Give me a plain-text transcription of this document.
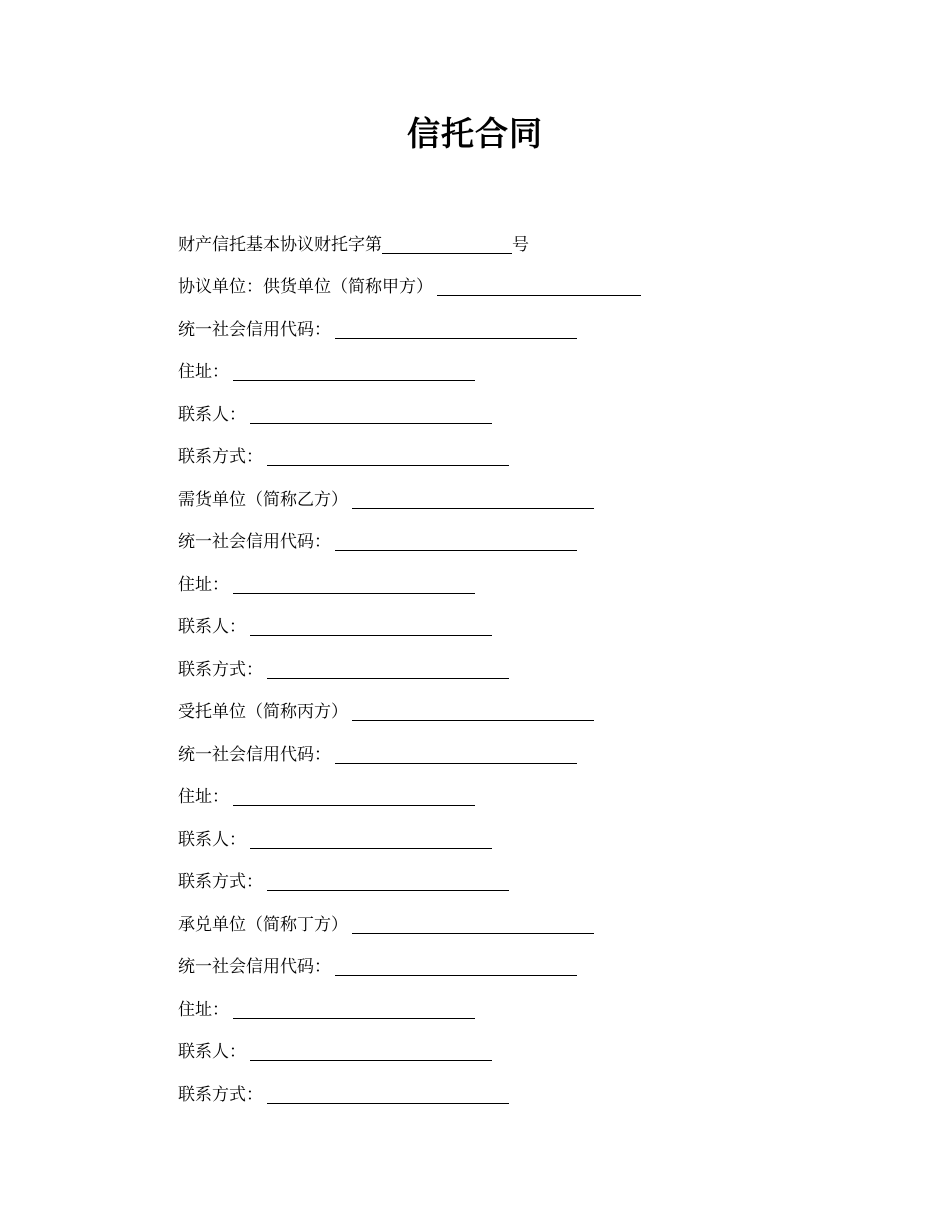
信托合同
财产信托基本协议财托字第	号
协议单位：供货单位（简称甲方）
统一社会信用代码：
住址：
联系人：
联系方式：
需货单位（简称乙方）
统一社会信用代码：
住址：
联系人：
联系方式：
受托单位（简称丙方）
统一社会信用代码：
住址：
联系人：
联系方式：
承兑单位（简称丁方）
统一社会信用代码：
住址：
联系人：
联系方式：
